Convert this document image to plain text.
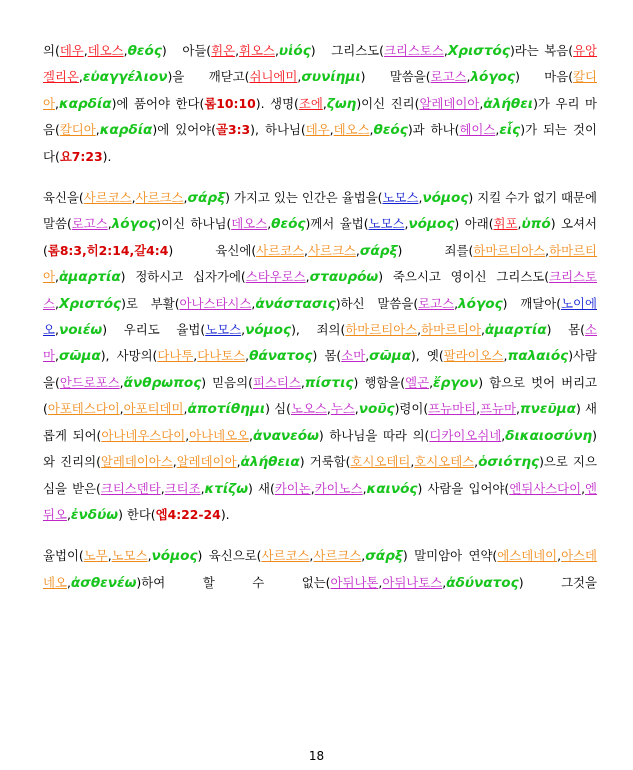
의(데우,데오스,θεός)　아들(휘온,휘오스,υἱός)　그리스도(크리스토스,Χριστός)라는 복음(유앙겔리온,εὐαγγέλιον)을 깨닫고(쉬니에미,συνίημι) 말씀을(로고스,λόγος) 마음(칼디아,καρδία)에 품어야 한다(롬10:10). 생명(조에,ζωη)이신 진리(알레데이아,ἀλήθει)가 우리 마음(칼디아,καρδία)에 있어야(골3:3), 하나님(데우,데오스,θεός)과 하나(헤이스,εἷς)가 되는 것이다(요7:23).

육신을(사르코스,사르크스,σάρξ) 가지고 있는 인간은 율법을(노모스,νόμος) 지킬 수가 없기 때문에 말씀(로고스,λόγος)이신 하나님(데오스,θεός)께서 율법(노모스,νόμος) 아래(휘포,ὑπό) 오셔서(롬8:3,히2:14,갈4:4) 육신에(사르코스,사르크스,σάρξ) 죄를(하마르티아스,하마르티아,ἁμαρτία) 정하시고 십자가에(스타우로스,σταυρόω) 죽으시고 영이신 그리스도(크리스토스,Χριστός)로 부활(아나스타시스,ἀνάστασις)하신 말씀을(로고스,λόγος) 깨달아(노이에오,νοιέω) 우리도 율법(노모스,νόμος), 죄의(하마르티아스,하마르티아,ἁμαρτία) 몸(소마,σῶμα), 사망의(다나투,다나토스,θάνατος) 몸(소마,σῶμα), 옛(팔라이오스,παλαιός)사람을(안드로포스,ἄνθρωπος) 믿음의(피스티스,πίστις) 행함을(엘곤,ἔργον) 함으로 벗어 버리고(아포테스다이,아포티데미,ἀποτίθημι) 심(노오스,누스,νοῦς)령이(프뉴마티,프뉴마,πνεῦμα) 새롭게 되어(아나네우스다이,아나네오오,ἀνανεόω) 하나님을 따라 의(디카이오쉬네,δικαιοσύνη) 와 진리의(알레데이아스,알레데이아,ἀλήθεια) 거룩함(호시오테티,호시오테스,ὁσιότης)으로 지으심을 받은(크티스덴타,크티조,κτίζω) 새(카이논,카이노스,καινός) 사람을 입어야(엔뒤사스다이,엔뒤오,ἐνδύω) 한다(엡4:22-24).

율법이(노무,노모스,νόμος) 육신으로(사르코스,사르크스,σάρξ) 말미암아 연약(에스데네이,아스데네오,ἀσθενέω)하여 할 수 없는(아뒤나톤,아뒤나토스,ἀδύνατος) 그것을

18
